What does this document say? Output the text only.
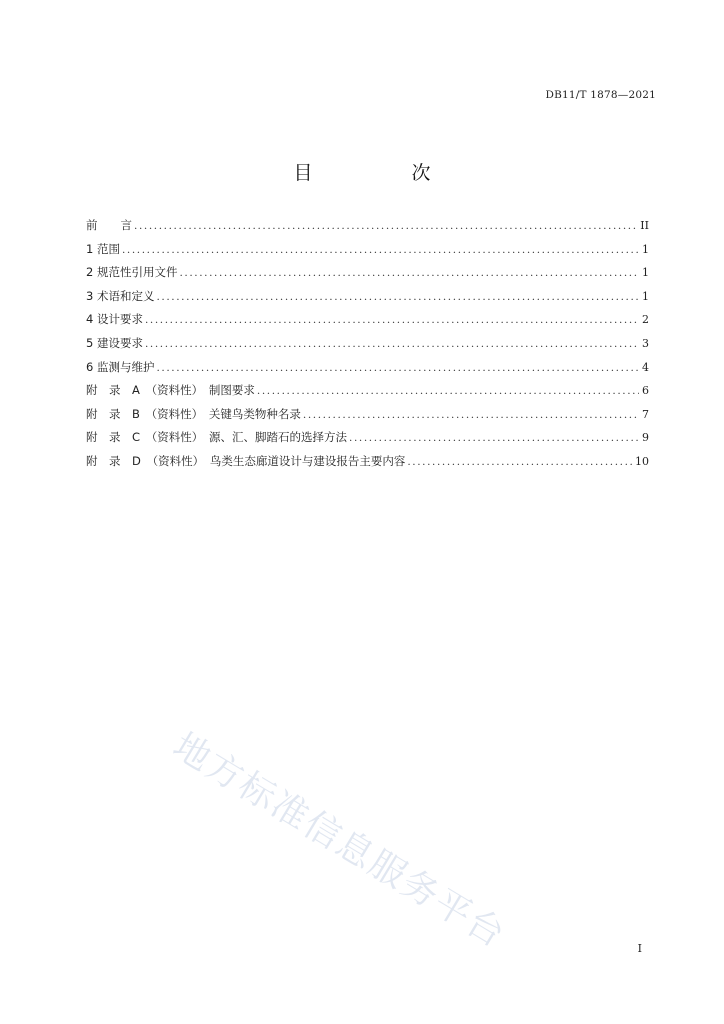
DB11/T 1878—2021
目　次
前　　言 .....	II
1 范围 .....	1
2 规范性引用文件 .....	1
3 术语和定义 .....	1
4 设计要求 .....	2
5 建设要求 .....	3
6 监测与维护 .....	4
附　录　A　（资料性）　制图要求 .....	6
附　录　B　（资料性）　关键鸟类物种名录 .....	7
附　录　C　（资料性）　源、汇、脚踏石的选择方法 .....	9
附　录　D　（资料性）　鸟类生态廊道设计与建设报告主要内容 .....	10
地方标准信息服务平台	I
